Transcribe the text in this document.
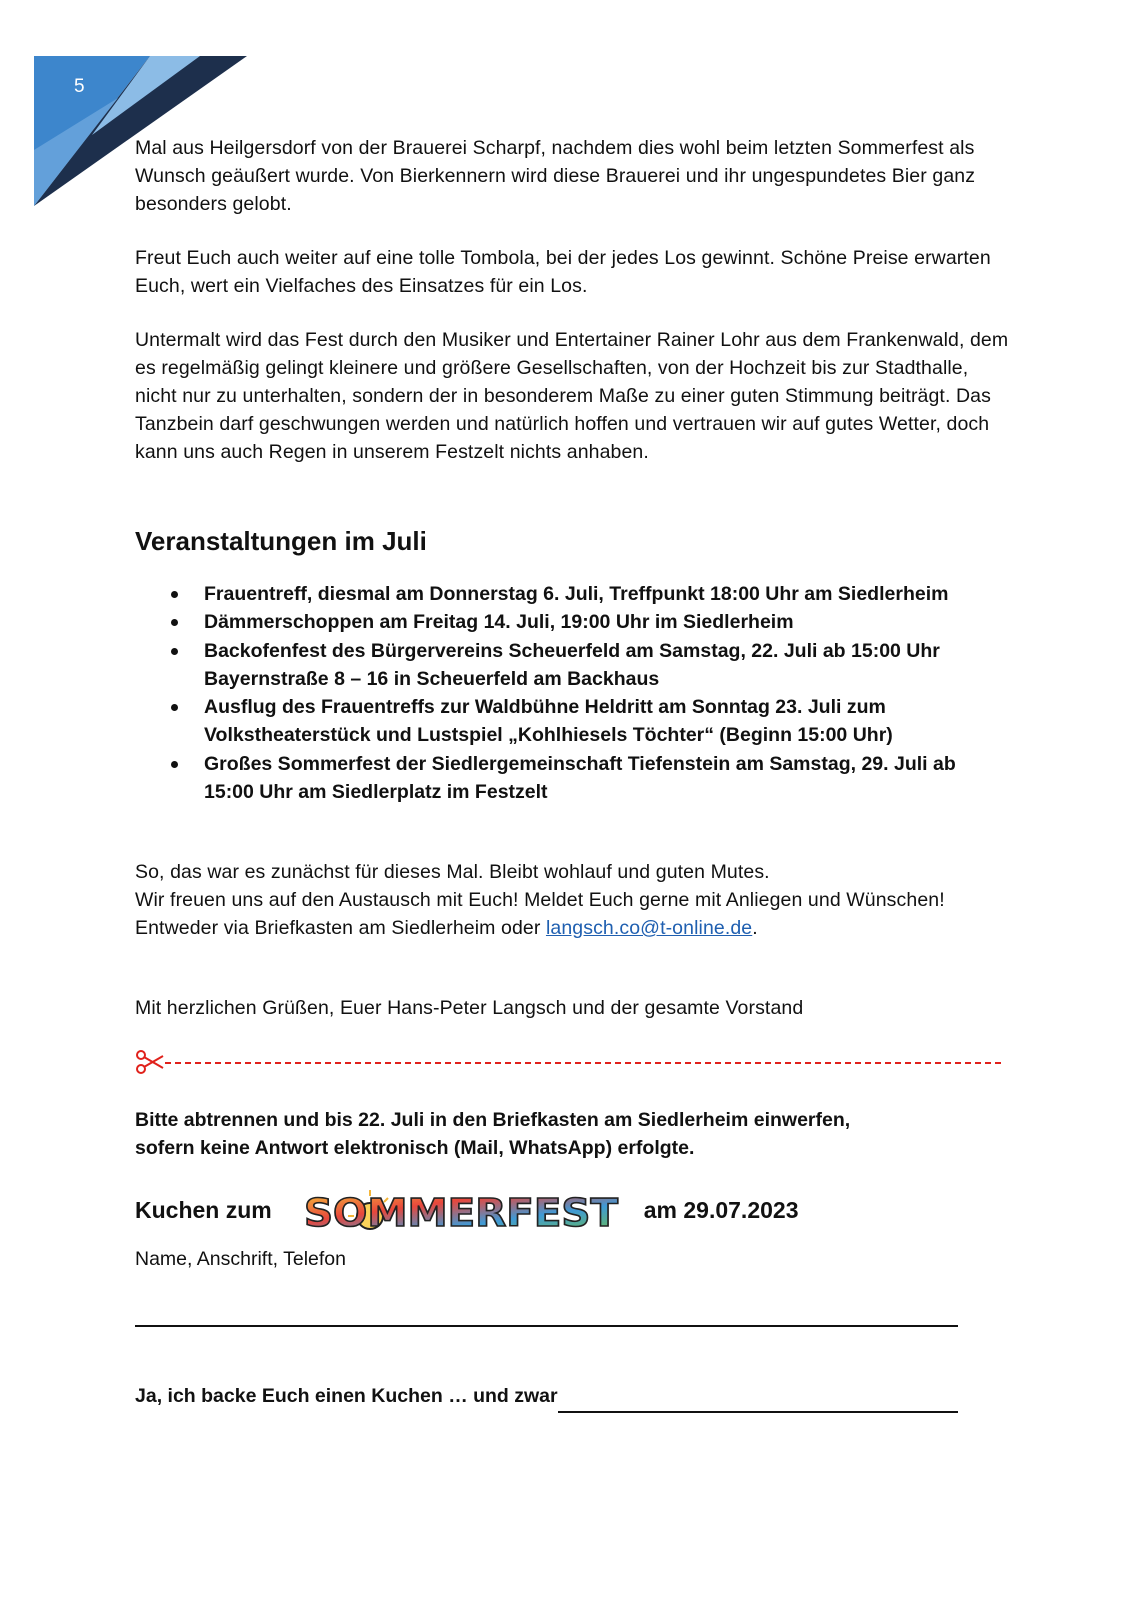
5

Mal aus Heilgersdorf von der Brauerei Scharpf, nachdem dies wohl beim letzten Sommerfest als Wunsch geäußert wurde. Von Bierkennern wird diese Brauerei und ihr ungespundetes Bier ganz besonders gelobt.

Freut Euch auch weiter auf eine tolle Tombola, bei der jedes Los gewinnt. Schöne Preise erwarten Euch, wert ein Vielfaches des Einsatzes für ein Los.

Untermalt wird das Fest durch den Musiker und Entertainer Rainer Lohr aus dem Frankenwald, dem es regelmäßig gelingt kleinere und größere Gesellschaften, von der Hochzeit bis zur Stadthalle, nicht nur zu unterhalten, sondern der in besonderem Maße zu einer guten Stimmung beiträgt. Das Tanzbein darf geschwungen werden und natürlich hoffen und vertrauen wir auf gutes Wetter, doch kann uns auch Regen in unserem Festzelt nichts anhaben.

Veranstaltungen im Juli
Frauentreff, diesmal am Donnerstag 6. Juli, Treffpunkt 18:00 Uhr am Siedlerheim
Dämmerschoppen am Freitag 14. Juli, 19:00 Uhr im Siedlerheim
Backofenfest des Bürgervereins Scheuerfeld am Samstag, 22. Juli ab 15:00 Uhr Bayernstraße 8 – 16 in Scheuerfeld am Backhaus
Ausflug des Frauentreffs zur Waldbühne Heldritt am Sonntag 23. Juli zum Volkstheaterstück und Lustspiel „Kohlhiesels Töchter“ (Beginn 15:00 Uhr)
Großes Sommerfest der Siedlergemeinschaft Tiefenstein am Samstag, 29. Juli ab 15:00 Uhr am Siedlerplatz im Festzelt

So, das war es zunächst für dieses Mal. Bleibt wohlauf und guten Mutes.

Wir freuen uns auf den Austausch mit Euch! Meldet Euch gerne mit Anliegen und Wünschen! Entweder via Briefkasten am Siedlerheim oder langsch.co@t-online.de.

Mit herzlichen Grüßen, Euer Hans-Peter Langsch und der gesamte Vorstand

Bitte abtrennen und bis 22. Juli in den Briefkasten am Siedlerheim einwerfen,
sofern keine Antwort elektronisch (Mail, WhatsApp) erfolgte.
Kuchen zum SOMMERFEST am 29.07.2023
Name, Anschrift, Telefon
Ja, ich backe Euch einen Kuchen … und zwar
